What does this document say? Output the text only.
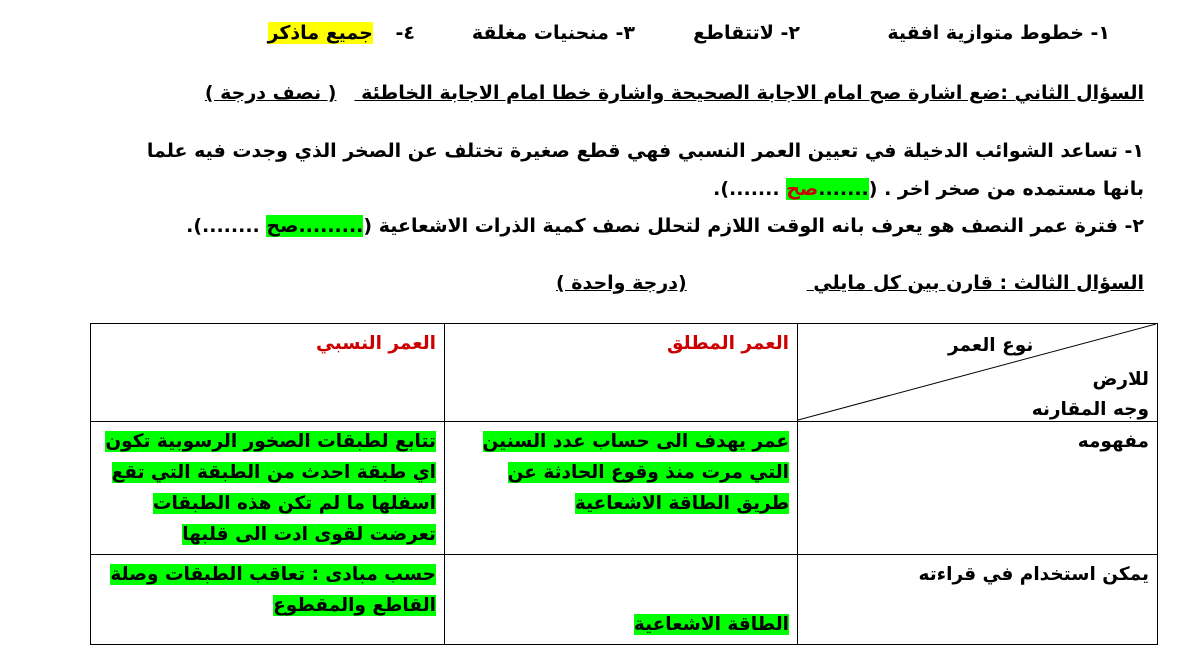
١- خطوط متوازية افقية
٢- لاتتقاطع
٣- منحنيات مغلقة
٤- جميع ماذكر
السؤال الثاني :ضع اشارة صح امام الاجابة الصحيحة واشارة خطا امام الاجابة الخاطئة ( نصف درجة )
١- تساعد الشوائب الدخيلة في تعيين العمر النسبي فهي قطع صغيرة تختلف عن الصخر الذي وجدت فيه علما
بانها مستمده من صخر اخر . (.......صح .......).
٢- فترة عمر النصف هو يعرف بانه الوقت اللازم لتحلل نصف كمية الذرات الاشعاعية (.........صح ........).
السؤال الثالث : قارن بين كل مايلي (درجة واحدة )
نوع العمر
للارض
وجه المقارنه	العمر المطلق	العمر النسبي
مفهومه	عمر يهدف الى حساب عدد السنين التي مرت منذ وقوع الحادثة عن طريق الطاقة الاشعاعية	تتابع لطبقات الصخور الرسوبية تكون اي طبقة احدث من الطبقة التي تقع اسفلها ما لم تكن هذه الطبقات تعرضت لقوى ادت الى قلبها
يمكن استخدام في قراءته	الطاقة الاشعاعية	حسب مبادى : تعاقب الطبقات وصلة القاطع والمقطوع
